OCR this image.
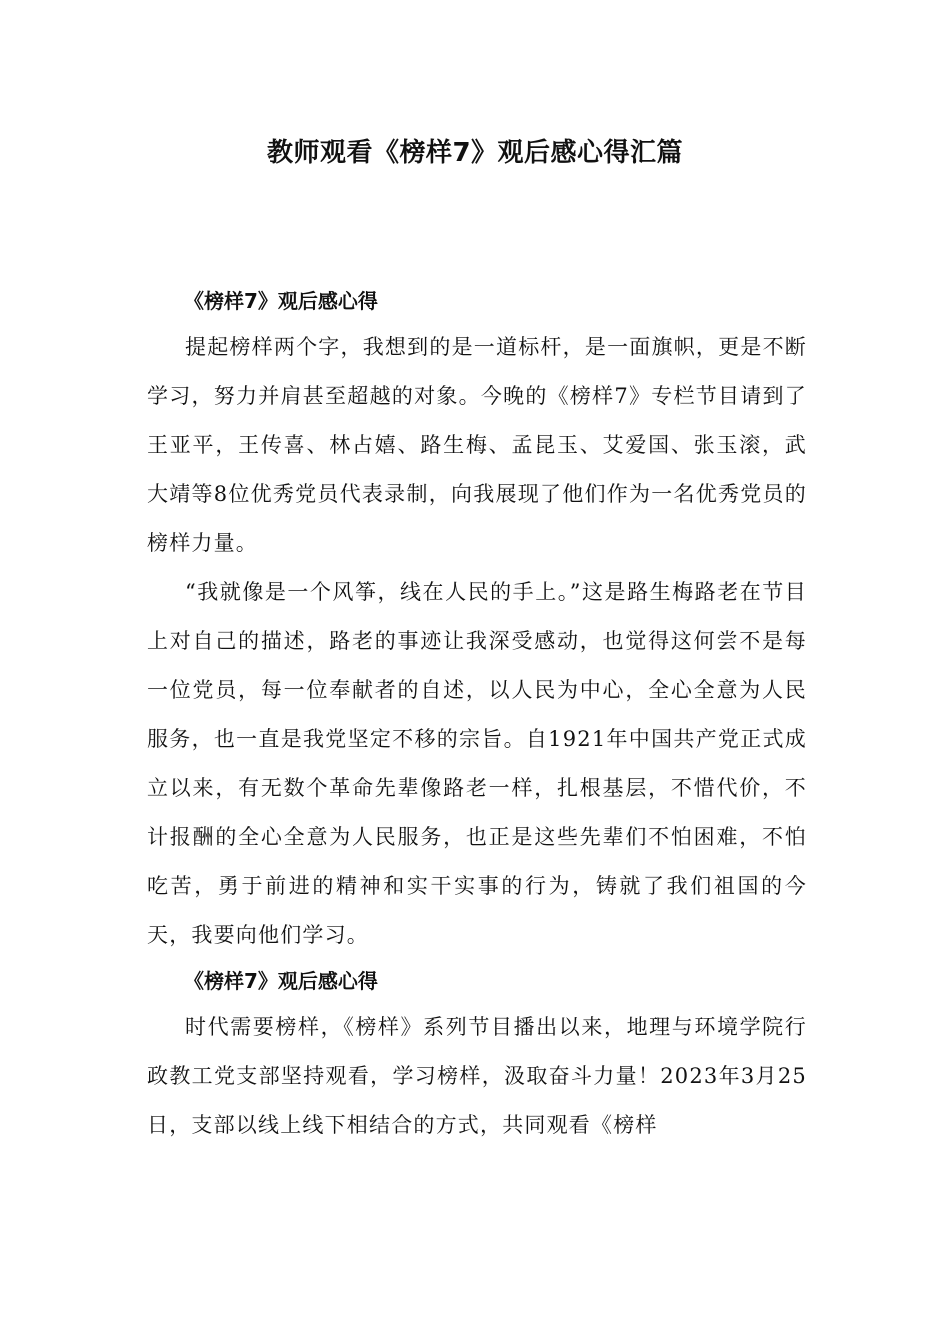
教师观看《榜样7》观后感心得汇篇
《榜样7》观后感心得

提起榜样两个字，我想到的是一道标杆，是一面旗帜，更是不断学习，努力并肩甚至超越的对象。今晚的《榜样7》专栏节目请到了王亚平，王传喜、林占嬉、路生梅、孟昆玉、艾爱国、张玉滚，武大靖等8位优秀党员代表录制，向我展现了他们作为一名优秀党员的榜样力量。

“我就像是一个风筝，线在人民的手上。”这是路生梅路老在节目上对自己的描述，路老的事迹让我深受感动，也觉得这何尝不是每一位党员，每一位奉献者的自述，以人民为中心，全心全意为人民服务，也一直是我党坚定不移的宗旨。自1921年中国共产党正式成立以来，有无数个革命先辈像路老一样，扎根基层，不惜代价，不计报酬的全心全意为人民服务，也正是这些先辈们不怕困难，不怕吃苦，勇于前进的精神和实干实事的行为，铸就了我们祖国的今天，我要向他们学习。

《榜样7》观后感心得

时代需要榜样，《榜样》系列节目播出以来，地理与环境学院行政教工党支部坚持观看，学习榜样，汲取奋斗力量！2023年3月25日，支部以线上线下相结合的方式，共同观看《榜样
